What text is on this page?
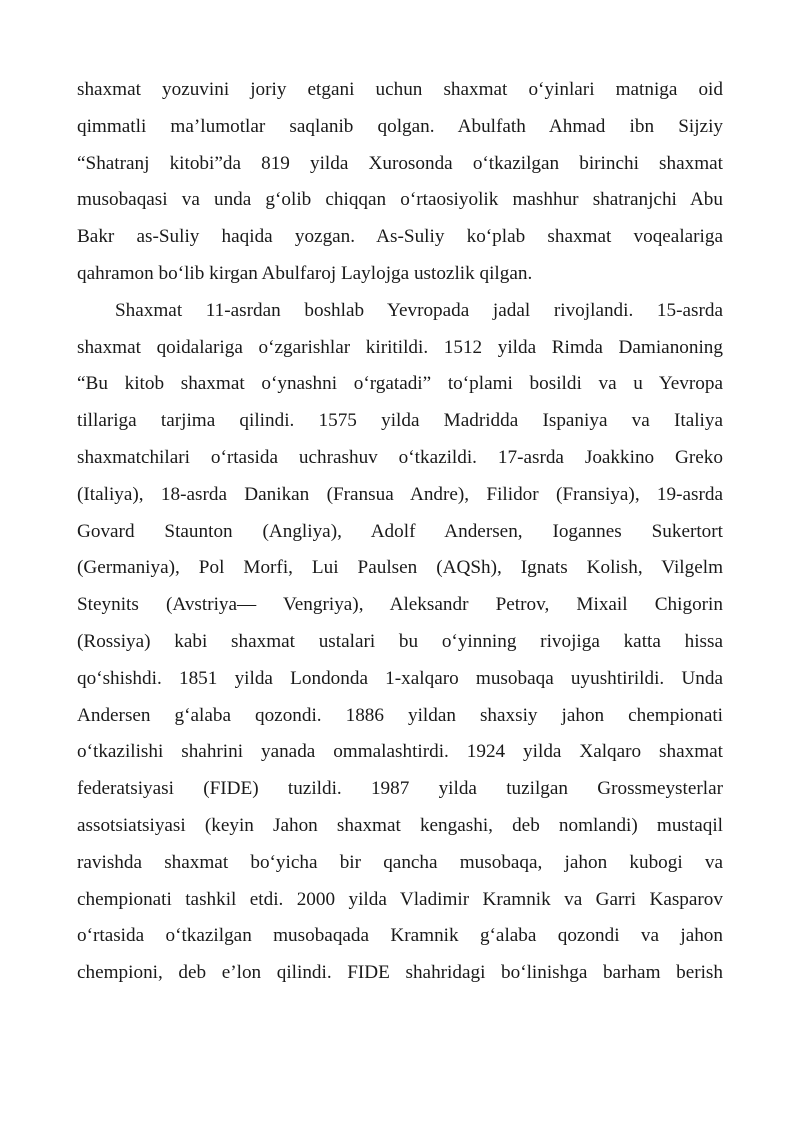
shaxmat yozuvini joriy etgani uchun shaxmat o‘yinlari matniga oid
qimmatli ma’lumotlar saqlanib qolgan. Abulfath Ahmad ibn Sijziy
“Shatranj kitobi”da 819 yilda Xurosonda o‘tkazilgan birinchi shaxmat
musobaqasi va unda g‘olib chiqqan o‘rtaosiyolik mashhur shatranjchi Abu
Bakr as-Suliy haqida yozgan. As-Suliy ko‘plab shaxmat voqealariga
qahramon bo‘lib kirgan Abulfaroj Laylojga ustozlik qilgan.
Shaxmat 11-asrdan boshlab Yevropada jadal rivojlandi. 15-asrda
shaxmat qoidalariga o‘zgarishlar kiritildi. 1512 yilda Rimda Damianoning
“Bu kitob shaxmat o‘ynashni o‘rgatadi” to‘plami bosildi va u Yevropa
tillariga tarjima qilindi. 1575 yilda Madridda Ispaniya va Italiya
shaxmatchilari o‘rtasida uchrashuv o‘tkazildi. 17-asrda Joakkino Greko
(Italiya), 18-asrda Danikan (Fransua Andre), Filidor (Fransiya), 19-asrda
Govard Staunton (Angliya), Adolf Andersen, Iogannes Sukertort
(Germaniya), Pol Morfi, Lui Paulsen (AQSh), Ignats Kolish, Vilgelm
Steynits (Avstriya— Vengriya), Aleksandr Petrov, Mixail Chigorin
(Rossiya) kabi shaxmat ustalari bu o‘yinning rivojiga katta hissa
qo‘shishdi. 1851 yilda Londonda 1-xalqaro musobaqa uyushtirildi. Unda
Andersen g‘alaba qozondi. 1886 yildan shaxsiy jahon chempionati
o‘tkazilishi shahrini yanada ommalashtirdi. 1924 yilda Xalqaro shaxmat
federatsiyasi (FIDE) tuzildi. 1987 yilda tuzilgan Grossmeysterlar
assotsiatsiyasi (keyin Jahon shaxmat kengashi, deb nomlandi) mustaqil
ravishda shaxmat bo‘yicha bir qancha musobaqa, jahon kubogi va
chempionati tashkil etdi. 2000 yilda Vladimir Kramnik va Garri Kasparov
o‘rtasida o‘tkazilgan musobaqada Kramnik g‘alaba qozondi va jahon
chempioni, deb e’lon qilindi. FIDE shahridagi bo‘linishga barham berish
